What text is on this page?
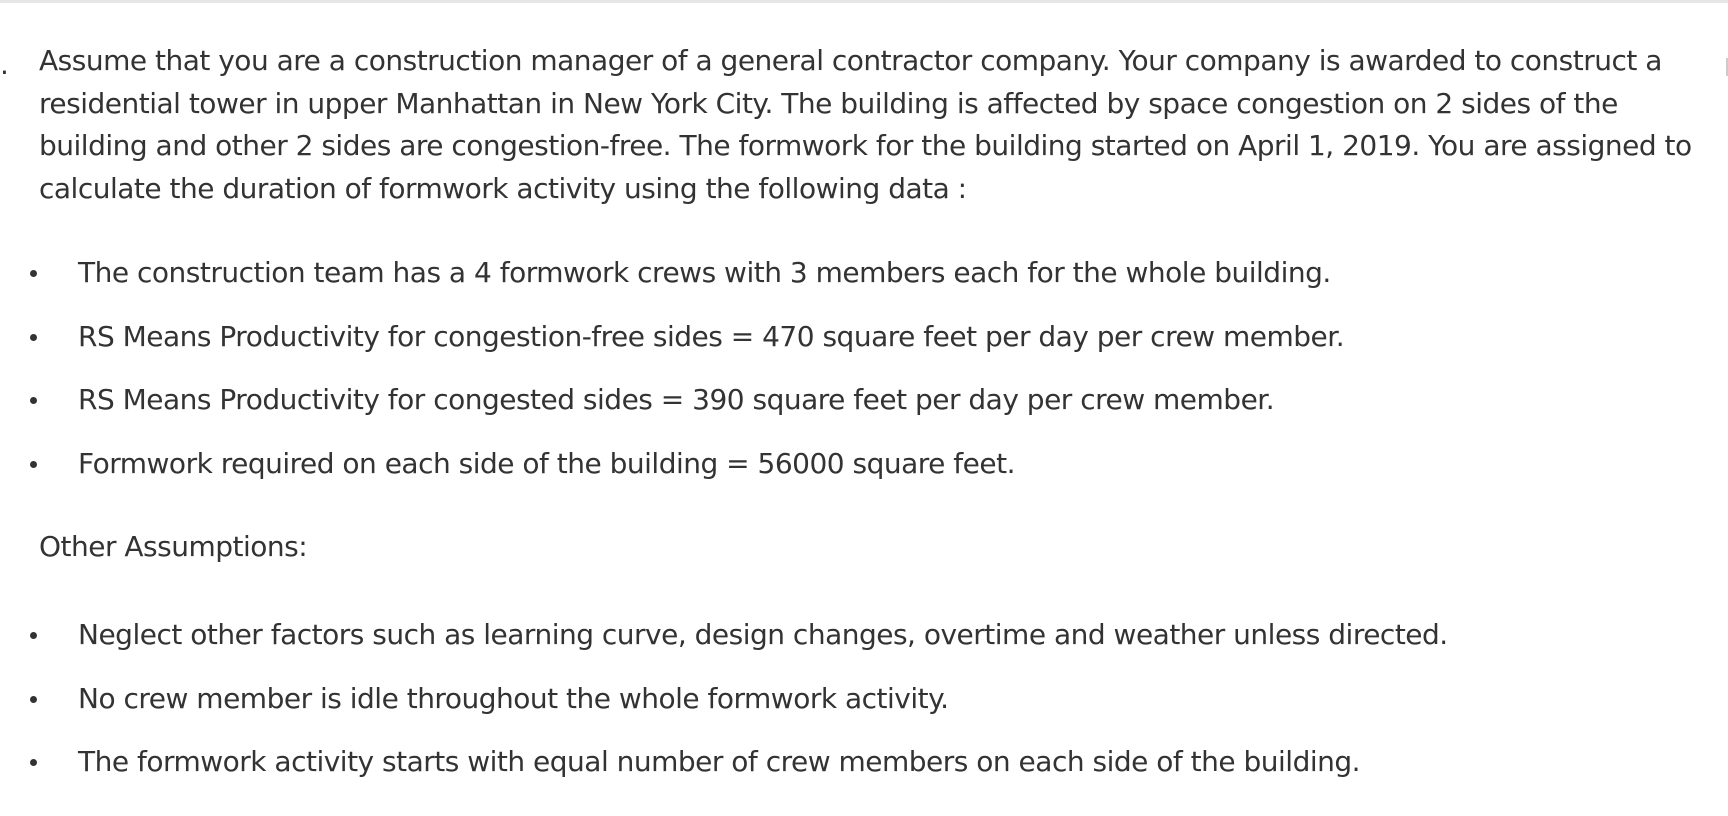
. Assume that you are a construction manager of a general contractor company. Your company is awarded to construct a residential tower in upper Manhattan in New York City. The building is affected by space congestion on 2 sides of the building and other 2 sides are congestion-free. The formwork for the building started on April 1, 2019. You are assigned to calculate the duration of formwork activity using the following data :

The construction team has a 4 formwork crews with 3 members each for the whole building.
RS Means Productivity for congestion-free sides = 470 square feet per day per crew member.
RS Means Productivity for congested sides = 390 square feet per day per crew member.
Formwork required on each side of the building = 56000 square feet.

Other Assumptions:

Neglect other factors such as learning curve, design changes, overtime and weather unless directed.
No crew member is idle throughout the whole formwork activity.
The formwork activity starts with equal number of crew members on each side of the building.
